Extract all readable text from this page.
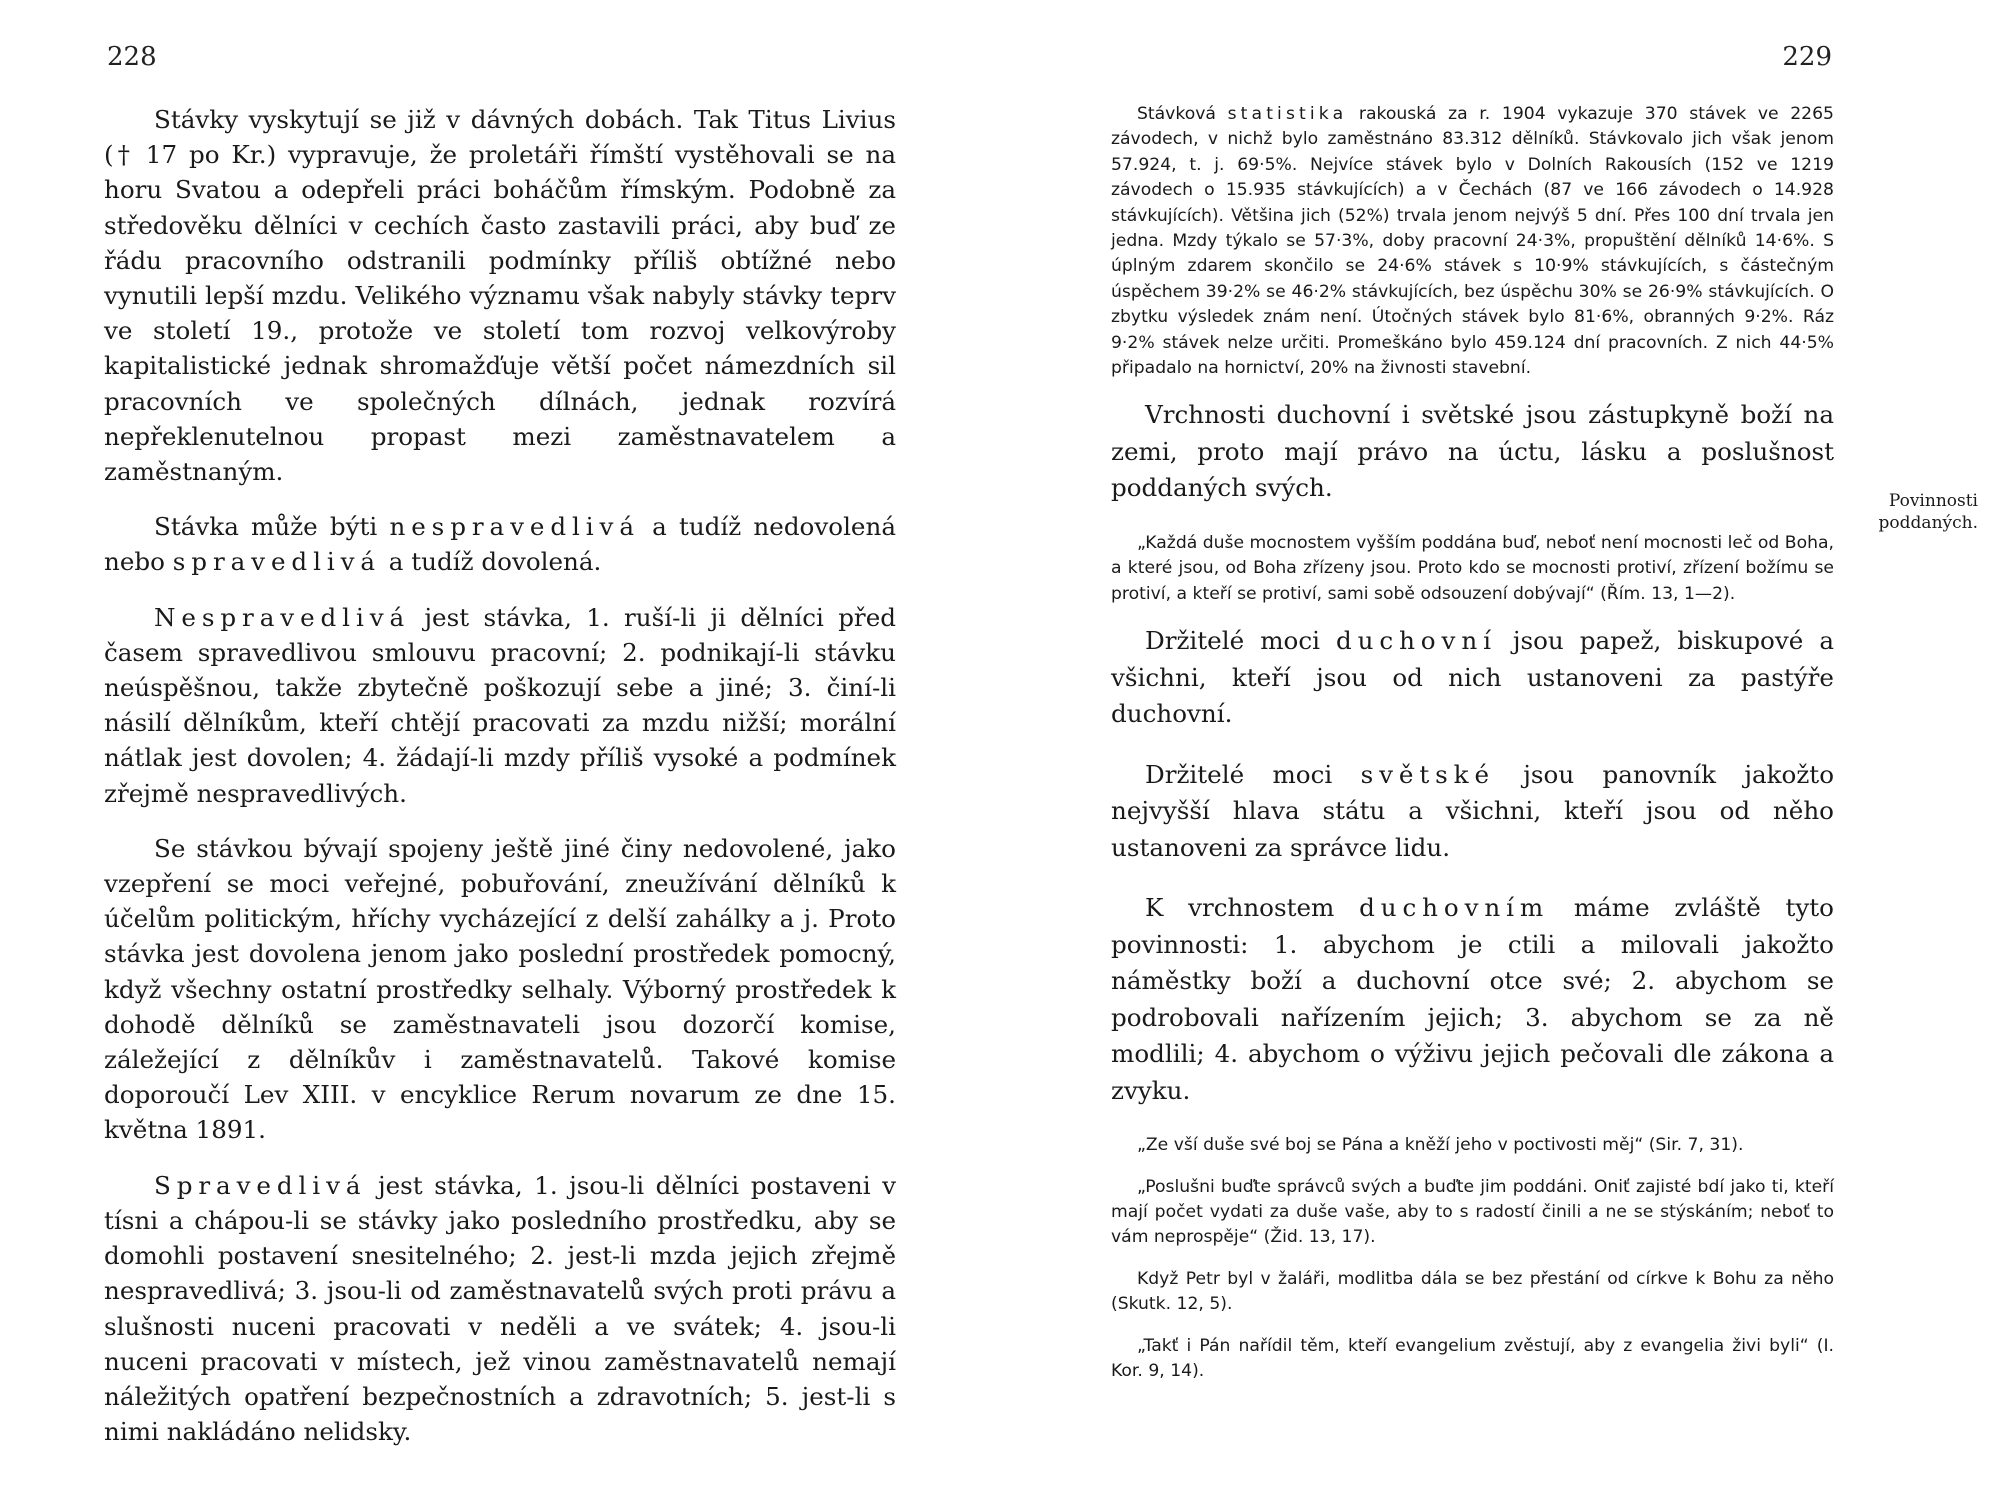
228

Stávky vyskytují se již v dávných dobách. Tak Titus Livius († 17 po Kr.) vypravuje, že proletáři římští vystěhovali se na horu Svatou a odepřeli práci boháčům římským. Podobně za středověku dělníci v cechích často zastavili práci, aby buď ze řádu pracovního odstranili podmínky příliš obtížné nebo vynutili lepší mzdu. Velikého významu však nabyly stávky teprv ve století 19., protože ve století tom rozvoj velkovýroby kapitalistické jednak shromažďuje větší počet námezdních sil pracovních ve společných dílnách, jednak rozvírá nepřeklenutelnou propast mezi zaměstnavatelem a zaměstnaným.

Stávka může býti nespravedlivá a tudíž nedovolená nebo spravedlivá a tudíž dovolená.

Nespravedlivá jest stávka, 1. ruší-li ji dělníci před časem spravedlivou smlouvu pracovní; 2. podnikají-li stávku neúspěšnou, takže zbytečně poškozují sebe a jiné; 3. činí-li násilí dělníkům, kteří chtějí pracovati za mzdu nižší; morální nátlak jest dovolen; 4. žádají-li mzdy příliš vysoké a podmínek zřejmě nespravedlivých.

Se stávkou bývají spojeny ještě jiné činy nedovolené, jako vzepření se moci veřejné, pobuřování, zneužívání dělníků k účelům politickým, hříchy vycházející z delší zahálky a j. Proto stávka jest dovolena jenom jako poslední prostředek pomocný, když všechny ostatní prostředky selhaly. Výborný prostředek k dohodě dělníků se zaměstnavateli jsou dozorčí komise, záležející z dělníkův i zaměstnavatelů. Takové komise doporoučí Lev XIII. v encyklice Rerum novarum ze dne 15. května 1891.

Spravedlivá jest stávka, 1. jsou-li dělníci postaveni v tísni a chápou-li se stávky jako posledního prostředku, aby se domohli postavení snesitelného; 2. jest-li mzda jejich zřejmě nespravedlivá; 3. jsou-li od zaměstnavatelů svých proti právu a slušnosti nuceni pracovati v neděli a ve svátek; 4. jsou-li nuceni pracovati v místech, jež vinou zaměstnavatelů nemají náležitých opatření bezpečnostních a zdravotních; 5. jest-li s nimi nakládáno nelidsky.

229

Stávková statistika rakouská za r. 1904 vykazuje 370 stávek ve 2265 závodech, v nichž bylo zaměstnáno 83.312 dělníků. Stávkovalo jich však jenom 57.924, t. j. 69·5%. Nejvíce stávek bylo v Dolních Rakousích (152 ve 1219 závodech o 15.935 stávkujících) a v Čechách (87 ve 166 závodech o 14.928 stávkujících). Většina jich (52%) trvala jenom nejvýš 5 dní. Přes 100 dní trvala jen jedna. Mzdy týkalo se 57·3%, doby pracovní 24·3%, propuštění dělníků 14·6%. S úplným zdarem skončilo se 24·6% stávek s 10·9% stávkujících, s částečným úspěchem 39·2% se 46·2% stávkujících, bez úspěchu 30% se 26·9% stávkujících. O zbytku výsledek znám není. Útočných stávek bylo 81·6%, obranných 9·2%. Ráz 9·2% stávek nelze určiti. Promeškáno bylo 459.124 dní pracovních. Z nich 44·5% připadalo na hornictví, 20% na živnosti stavební.

Vrchnosti duchovní i světské jsou zástupkyně boží na zemi, proto mají právo na úctu, lásku a poslušnost poddaných svých.

„Každá duše mocnostem vyšším poddána buď, neboť není mocnosti leč od Boha, a které jsou, od Boha zřízeny jsou. Proto kdo se mocnosti protiví, zřízení božímu se protiví, a kteří se protiví, sami sobě odsouzení dobývají“ (Řím. 13, 1—2).

Držitelé moci duchovní jsou papež, biskupové a všichni, kteří jsou od nich ustanoveni za pastýře duchovní.

Držitelé moci světské jsou panovník jakožto nejvyšší hlava státu a všichni, kteří jsou od něho ustanoveni za správce lidu.

K vrchnostem duchovním máme zvláště tyto povinnosti: 1. abychom je ctili a milovali jakožto náměstky boží a duchovní otce své; 2. abychom se podrobovali nařízením jejich; 3. abychom se za ně modlili; 4. abychom o výživu jejich pečovali dle zákona a zvyku.

„Ze vší duše své boj se Pána a kněží jeho v poctivosti měj“ (Sir. 7, 31).

„Poslušni buďte správců svých a buďte jim poddáni. Oniť zajisté bdí jako ti, kteří mají počet vydati za duše vaše, aby to s radostí činili a ne se stýskáním; neboť to vám neprospěje“ (Žid. 13, 17).

Když Petr byl v žaláři, modlitba dála se bez přestání od církve k Bohu za něho (Skutk. 12, 5).

„Takť i Pán nařídil těm, kteří evangelium zvěstují, aby z evangelia živi byli“ (I. Kor. 9, 14).

Povinnosti
poddaných.
